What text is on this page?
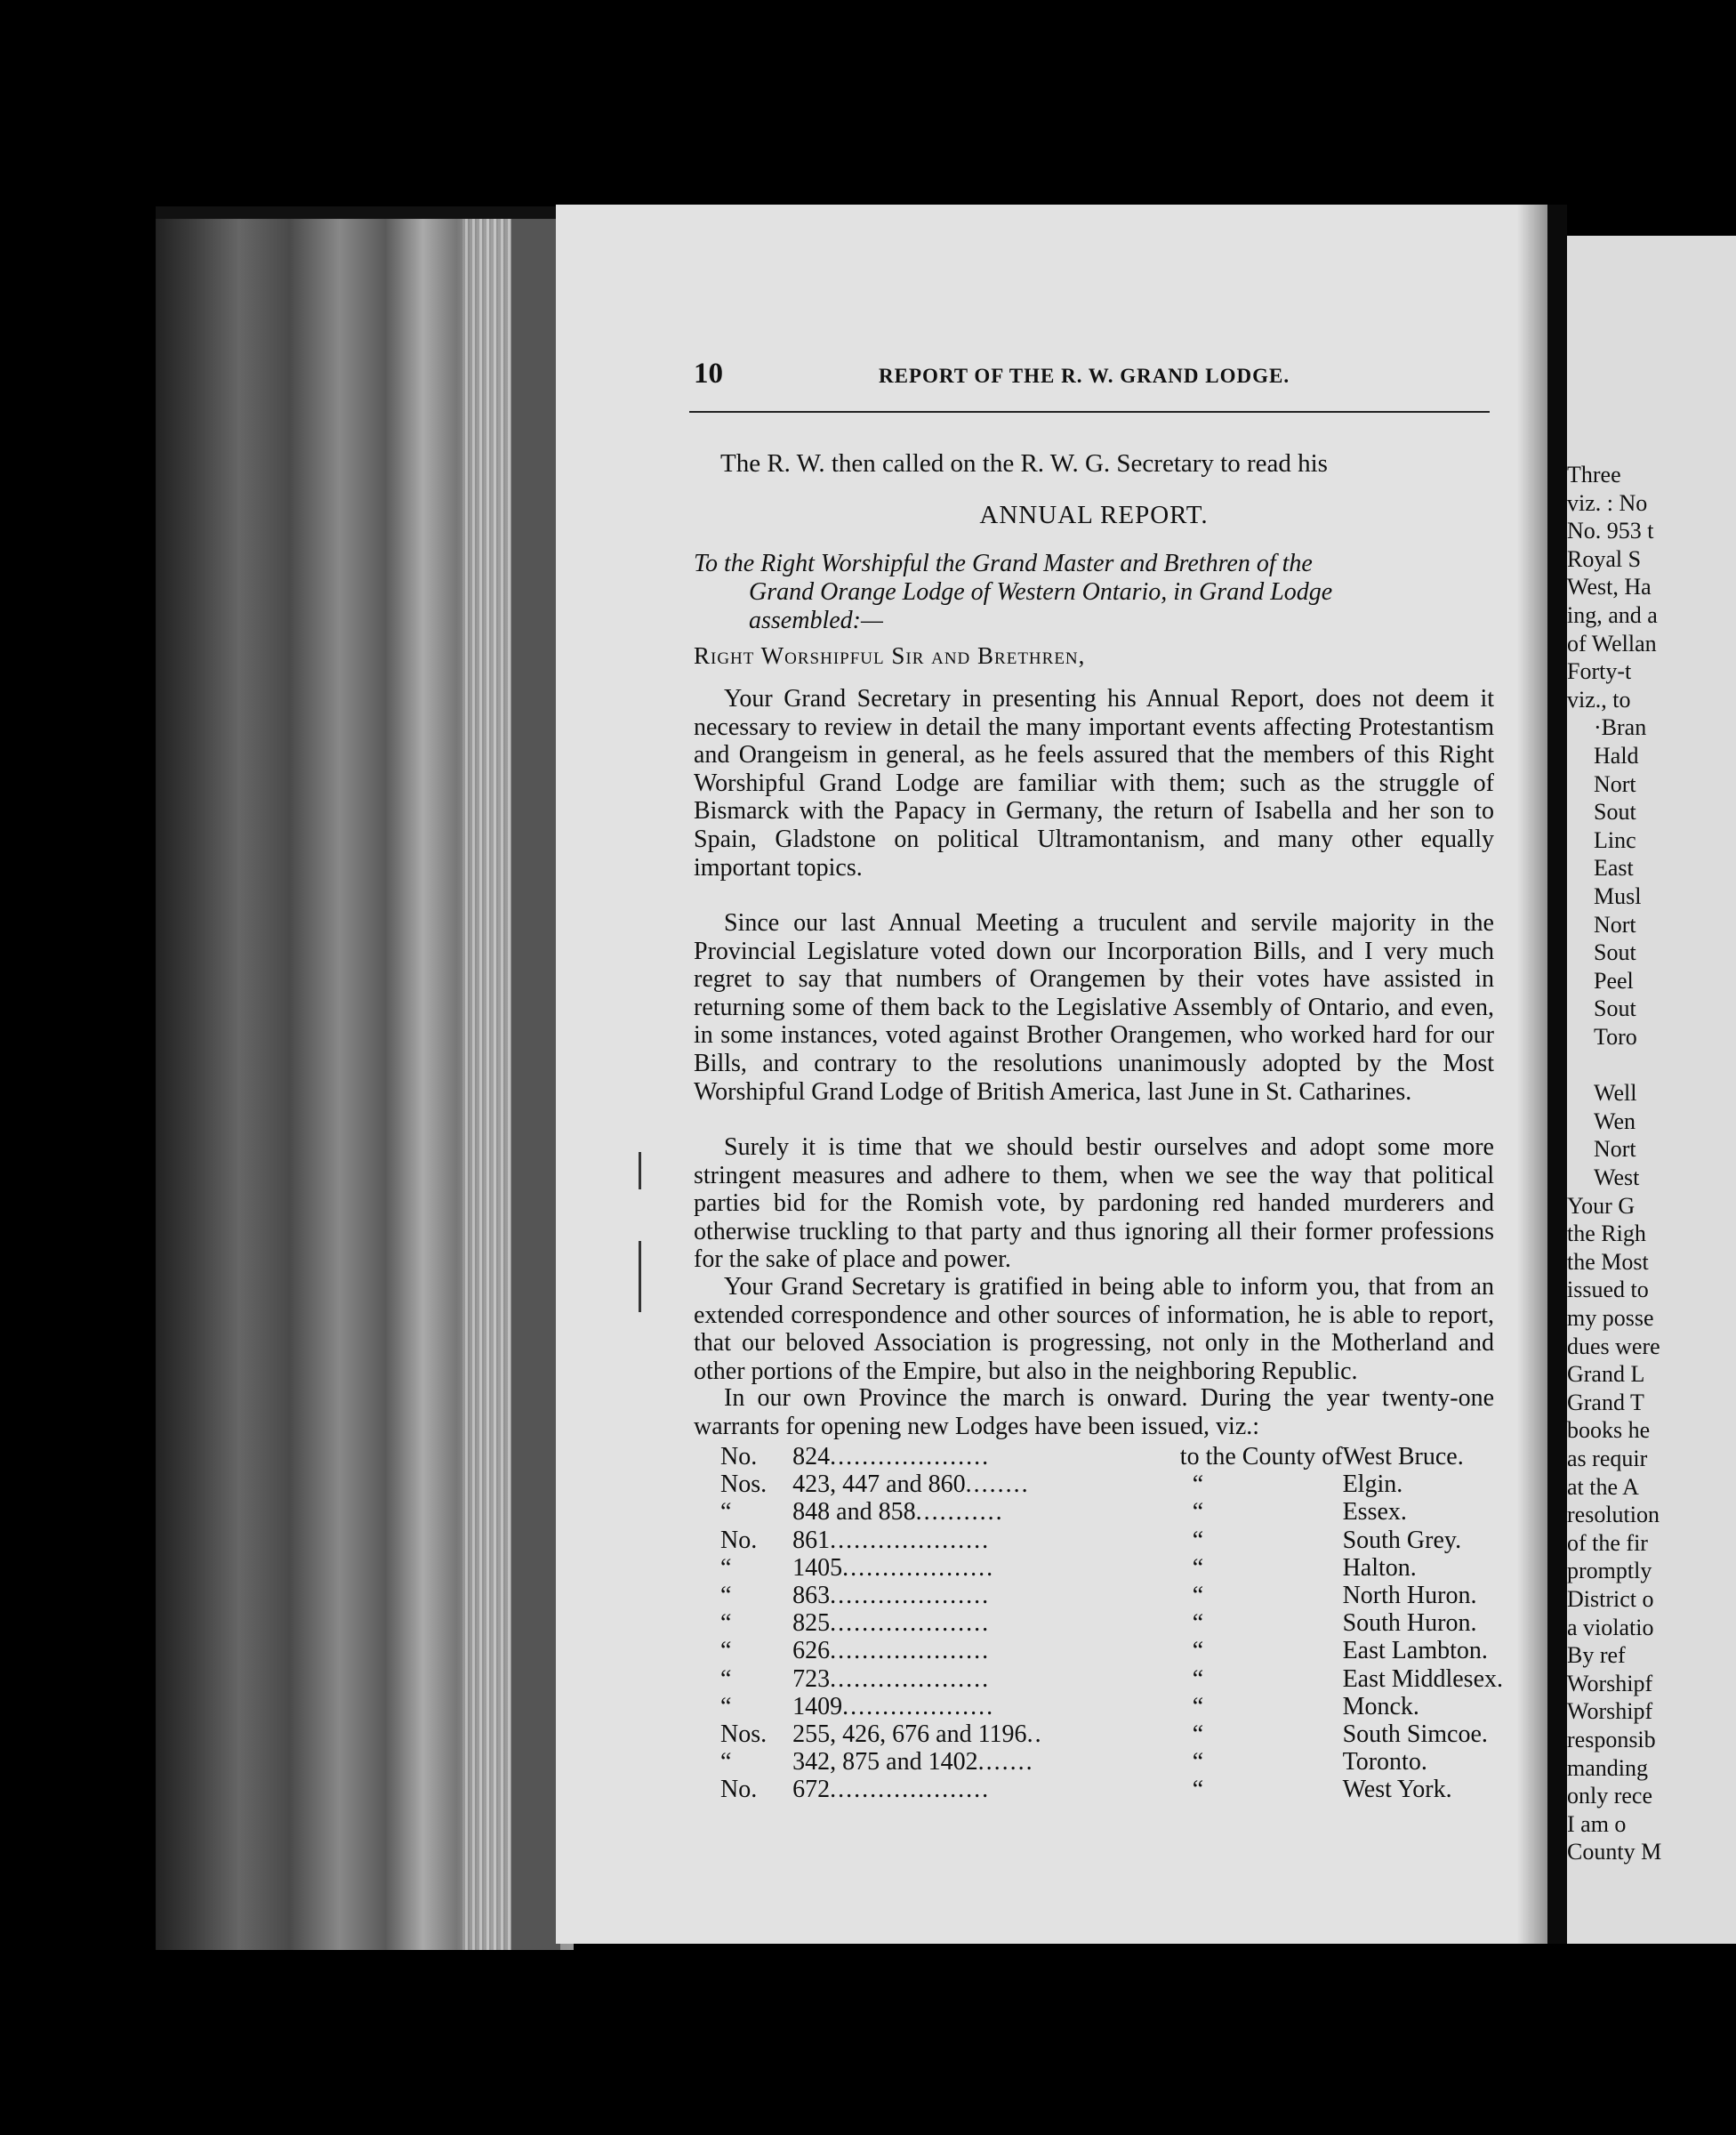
Three
viz. : No
No. 953 t
Royal S
West, Ha
ing, and a
of Wellan
Forty-t
viz., to
·Bran
Hald
Nort
Sout
Linc
East
Musl
Nort
Sout
Peel
Sout
Toro
Well
Wen
Nort
West
Your G
the Righ
the Most
issued to
my posse
dues were
Grand L
Grand T
books he
as requir
at the A
resolution
of the fir
promptly
District o
a violatio
By ref
Worshipf
Worshipf
responsib
manding
only rece
I am o
County M
10	REPORT OF THE R. W. GRAND LODGE.
The R. W. then called on the R. W. G. Secretary to read his
ANNUAL REPORT.

To the Right Worshipful the Grand Master and Brethren of the
Grand Orange Lodge of Western Ontario, in Grand Lodge
assembled:—

Right Worshipful Sir and Brethren,

Your Grand Secretary in presenting his Annual Report, does not deem it necessary to review in detail the many important events affecting Protestantism and Orangeism in general, as he feels assured that the members of this Right Worshipful Grand Lodge are familiar with them; such as the struggle of Bismarck with the Papacy in Germany, the return of Isabella and her son to Spain, Gladstone on political Ultramontanism, and many other equally important topics.

Since our last Annual Meeting a truculent and servile majority in the Provincial Legislature voted down our Incorporation Bills, and I very much regret to say that numbers of Orangemen by their votes have assisted in returning some of them back to the Legislative Assembly of Ontario, and even, in some instances, voted against Brother Orangemen, who worked hard for our Bills, and contrary to the resolutions unanimously adopted by the Most Worshipful Grand Lodge of British America, last June in St. Catharines.

Surely it is time that we should bestir ourselves and adopt some more stringent measures and adhere to them, when we see the way that political parties bid for the Romish vote, by pardoning red handed murderers and otherwise truckling to that party and thus ignoring all their former professions for the sake of place and power.

Your Grand Secretary is gratified in being able to inform you, that from an extended correspondence and other sources of information, he is able to report, that our beloved Association is progressing, not only in the Motherland and other portions of the Empire, but also in the neighboring Republic.

In our own Province the march is onward. During the year twenty-one warrants for opening new Lodges have been issued, viz.:

No.	824....................	to the County of	West Bruce.
Nos.	423, 447 and 860........	“	Elgin.
“	848 and 858...........	“	Essex.
No.	861....................	“	South Grey.
“	1405...................	“	Halton.
“	863....................	“	North Huron.
“	825....................	“	South Huron.
“	626....................	“	East Lambton.
“	723....................	“	East Middlesex.
“	1409...................	“	Monck.
Nos.	255, 426, 676 and 1196..	“	South Simcoe.
“	342, 875 and 1402.......	“	Toronto.
No.	672....................	“	West York.
